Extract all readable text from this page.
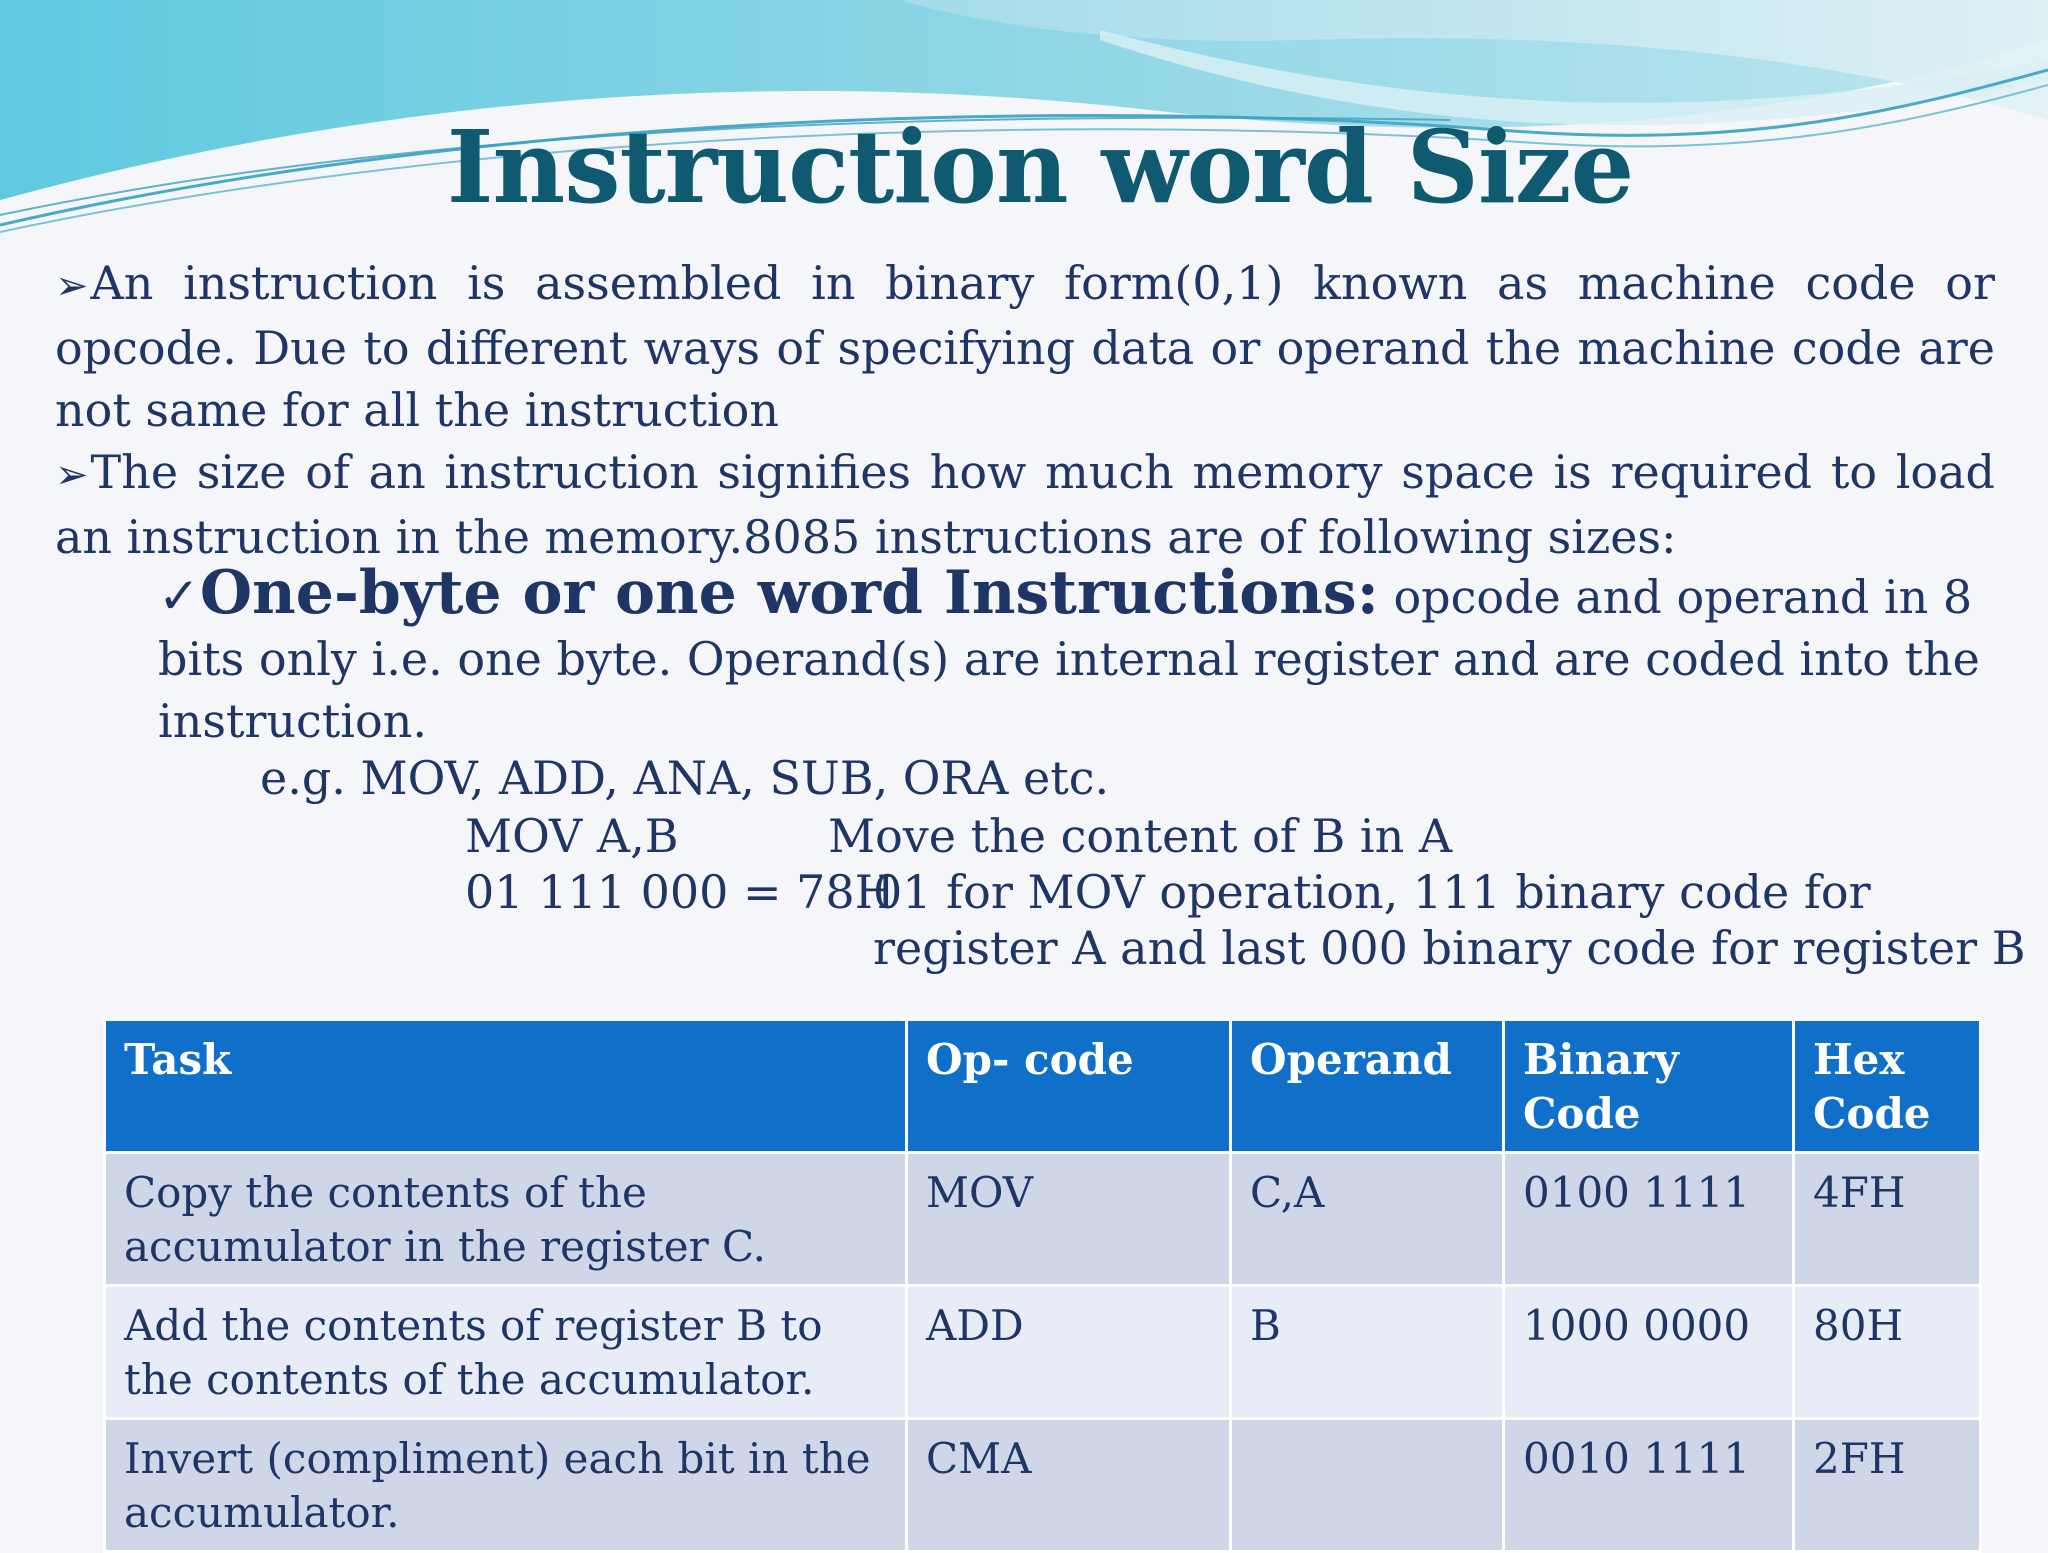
Instruction word Size

➢An instruction is assembled in binary form(0,1) known as machine code or opcode. Due to different ways of specifying data or operand the machine code are not same for all the instruction

➢The size of an instruction signifies how much memory space is required to load an instruction in the memory.8085 instructions are of following sizes:

✓One-byte or one word Instructions: opcode and operand in 8 bits only i.e. one byte. Operand(s) are internal register and are coded into the instruction.
e.g. MOV, ADD, ANA, SUB, ORA etc.
MOV A,B	Move the content of B in A
01 111 000 = 78H
01 for MOV operation, 111 binary code for
register A and last 000 binary code for register B
Task	Op- code	Operand	Binary Code	Hex Code
Copy the contents of the accumulator in the register C.	MOV	C,A	0100 1111	4FH
Add the contents of register B to the contents of the accumulator.	ADD	B	1000 0000	80H
Invert (compliment) each bit in the accumulator.	CMA		0010 1111	2FH
